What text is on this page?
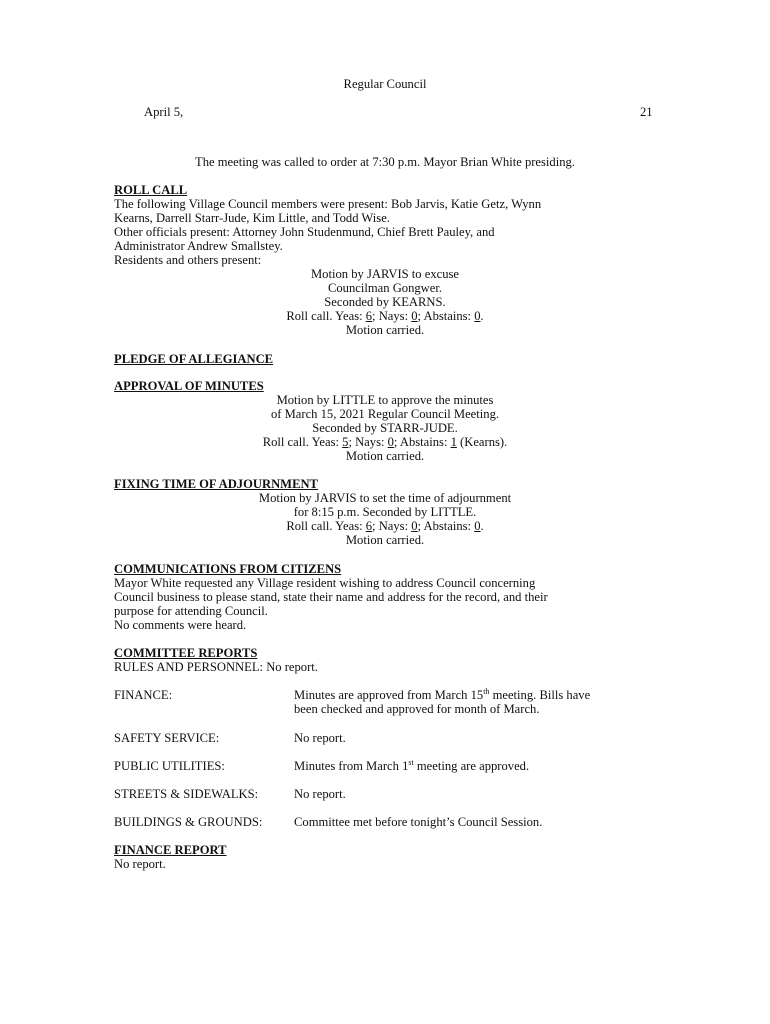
Regular Council
April 5,	21
The meeting was called to order at 7:30 p.m. Mayor Brian White presiding.
ROLL CALL
The following Village Council members were present: Bob Jarvis, Katie Getz, Wynn
Kearns, Darrell Starr-Jude, Kim Little, and Todd Wise.
Other officials present: Attorney John Studenmund, Chief Brett Pauley, and
Administrator Andrew Smallstey.
Residents and others present:
Motion by JARVIS to excuse
Councilman Gongwer.
Seconded by KEARNS.
Roll call. Yeas: 6; Nays: 0; Abstains: 0.
Motion carried.
PLEDGE OF ALLEGIANCE
APPROVAL OF MINUTES
Motion by LITTLE to approve the minutes
of March 15, 2021 Regular Council Meeting.
Seconded by STARR-JUDE.
Roll call. Yeas: 5; Nays: 0; Abstains: 1 (Kearns).
Motion carried.
FIXING TIME OF ADJOURNMENT
Motion by JARVIS to set the time of adjournment
for 8:15 p.m. Seconded by LITTLE.
Roll call. Yeas: 6; Nays: 0; Abstains: 0.
Motion carried.
COMMUNICATIONS FROM CITIZENS
Mayor White requested any Village resident wishing to address Council concerning
Council business to please stand, state their name and address for the record, and their
purpose for attending Council.
No comments were heard.
COMMITTEE REPORTS
RULES AND PERSONNEL: No report.
FINANCE:	Minutes are approved from March 15th meeting. Bills have
been checked and approved for month of March.
SAFETY SERVICE:	No report.
PUBLIC UTILITIES:	Minutes from March 1st meeting are approved.
STREETS & SIDEWALKS:	No report.
BUILDINGS & GROUNDS:	Committee met before tonight’s Council Session.
FINANCE REPORT
No report.
